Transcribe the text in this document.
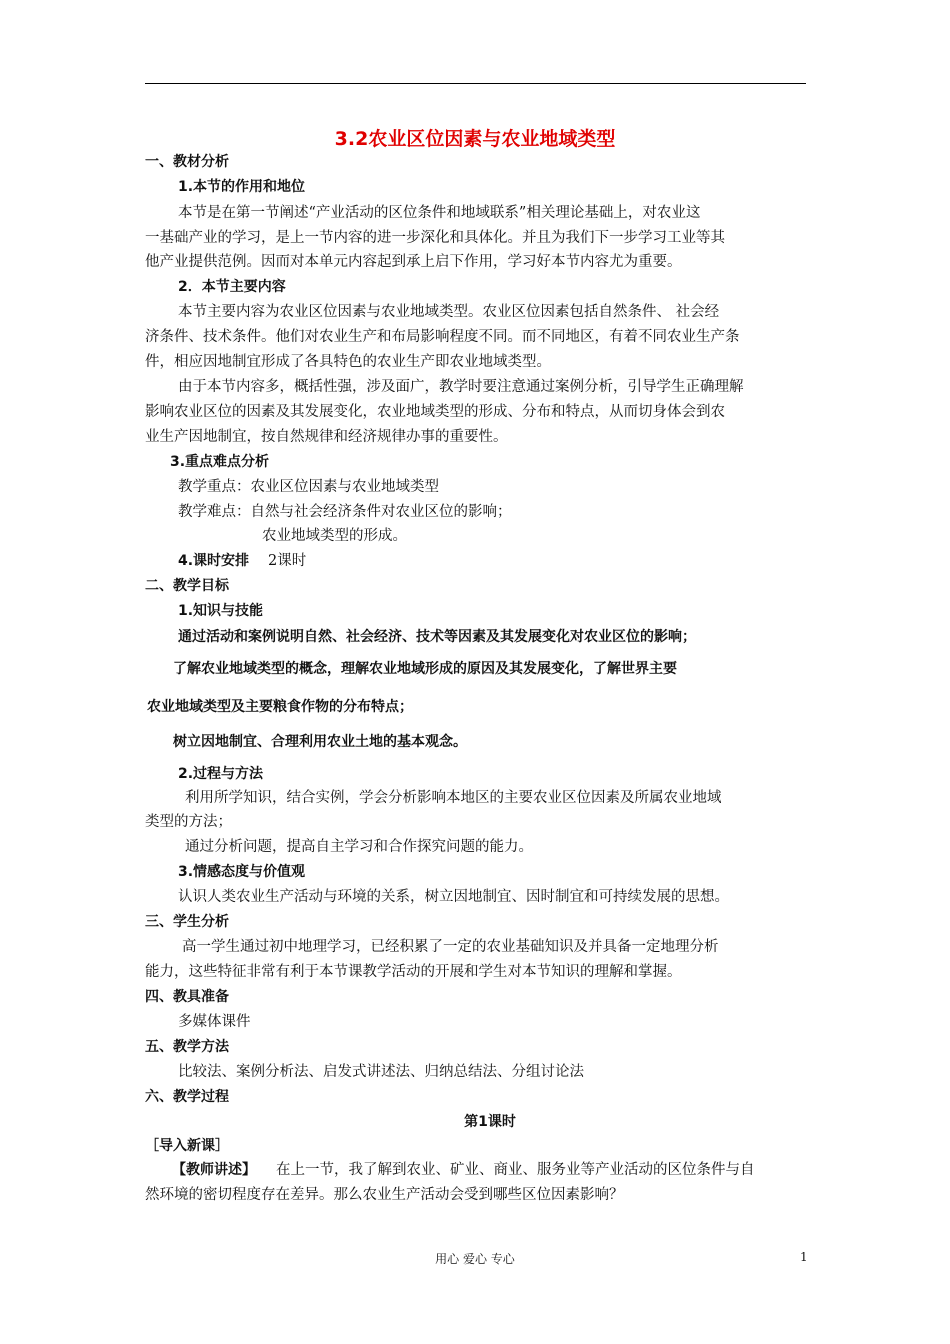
3.2农业区位因素与农业地域类型
一、教材分析
1.本节的作用和地位
本节是在第一节阐述“产业活动的区位条件和地域联系”相关理论基础上，对农业这
一基础产业的学习，是上一节内容的进一步深化和具体化。并且为我们下一步学习工业等其
他产业提供范例。因而对本单元内容起到承上启下作用，学习好本节内容尤为重要。
2．本节主要内容
本节主要内容为农业区位因素与农业地域类型。农业区位因素包括自然条件、 社会经
济条件、技术条件。他们对农业生产和布局影响程度不同。而不同地区，有着不同农业生产条
件，相应因地制宜形成了各具特色的农业生产即农业地域类型。
由于本节内容多，概括性强，涉及面广，教学时要注意通过案例分析，引导学生正确理解
影响农业区位的因素及其发展变化，农业地域类型的形成、分布和特点，从而切身体会到农
业生产因地制宜，按自然规律和经济规律办事的重要性。
3.重点难点分析
教学重点：农业区位因素与农业地域类型
教学难点：自然与社会经济条件对农业区位的影响；
农业地域类型的形成。
4.课时安排 2课时
二、教学目标
1.知识与技能
通过活动和案例说明自然、社会经济、技术等因素及其发展变化对农业区位的影响；
了解农业地域类型的概念，理解农业地域形成的原因及其发展变化，了解世界主要
农业地域类型及主要粮食作物的分布特点；
树立因地制宜、合理利用农业土地的基本观念。
2.过程与方法
利用所学知识，结合实例，学会分析影响本地区的主要农业区位因素及所属农业地域
类型的方法；
通过分析问题，提高自主学习和合作探究问题的能力。
3.情感态度与价值观
认识人类农业生产活动与环境的关系，树立因地制宜、因时制宜和可持续发展的思想。
三、学生分析
高一学生通过初中地理学习，已经积累了一定的农业基础知识及并具备一定地理分析
能力，这些特征非常有利于本节课教学活动的开展和学生对本节知识的理解和掌握。
四、教具准备
多媒体课件
五、教学方法
比较法、案例分析法、启发式讲述法、归纳总结法、分组讨论法
六、教学过程
第1课时
［导入新课］
【教师讲述】 在上一节，我了解到农业、矿业、商业、服务业等产业活动的区位条件与自
然环境的密切程度存在差异。那么农业生产活动会受到哪些区位因素影响？
用心 爱心 专心	1
